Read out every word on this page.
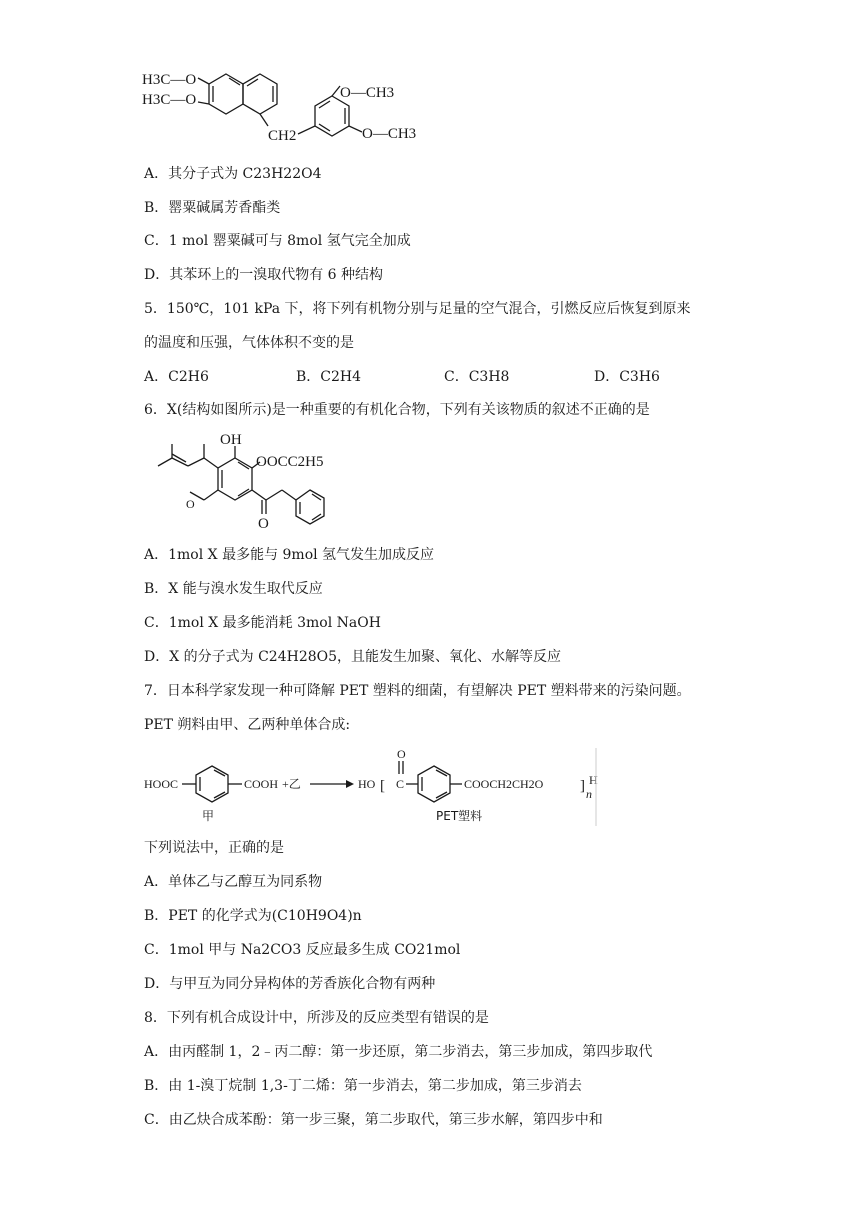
H3C—O
H3C—O
CH2
O—CH3
O—CH3
A．其分子式为 C23H22O4
B．罂粟碱属芳香酯类
C．1 mol 罂粟碱可与 8mol 氢气完全加成
D．其苯环上的一溴取代物有 6 种结构
5．150℃，101 kPa 下，将下列有机物分别与足量的空气混合，引燃反应后恢复到原来
的温度和压强，气体体积不变的是
A．C2H6	B．C2H4	C．C3H8	D．C3H6
6．X(结构如图所示)是一种重要的有机化合物，下列有关该物质的叙述不正确的是
OH
OOCC2H5
O
O
A．1mol X 最多能与 9mol 氢气发生加成反应
B．X 能与溴水发生取代反应
C．1mol X 最多能消耗 3mol NaOH
D．X 的分子式为 C24H28O5，且能发生加聚、氧化、水解等反应
7．日本科学家发现一种可降解 PET 塑料的细菌，有望解决 PET 塑料带来的污染问题。
PET 朔料由甲、乙两种单体合成:
HOOC	COOH +乙
甲
HO [
O
C	COOCH2CH2O ] H
n
PET塑料
下列说法中，正确的是
A．单体乙与乙醇互为同系物
B．PET 的化学式为(C10H9O4)n
C．1mol 甲与 Na2CO3 反应最多生成 CO21mol
D．与甲互为同分异构体的芳香族化合物有两种
8．下列有机合成设计中，所涉及的反应类型有错误的是
A．由丙醛制 1，2﹣丙二醇：第一步还原，第二步消去，第三步加成，第四步取代
B．由 1-溴丁烷制 1,3-丁二烯：第一步消去，第二步加成，第三步消去
C．由乙炔合成苯酚：第一步三聚，第二步取代，第三步水解，第四步中和
